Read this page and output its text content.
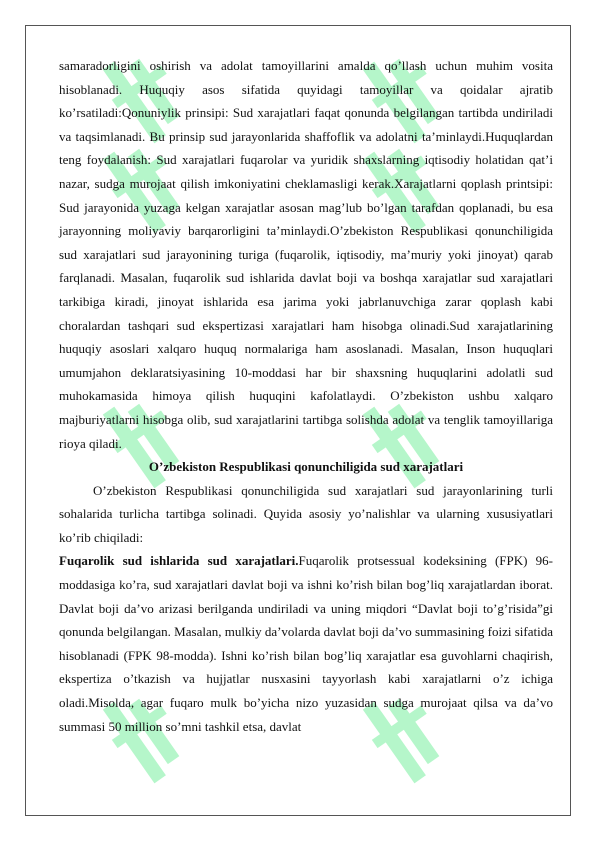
samaradorligini oshirish va adolat tamoyillarini amalda qo’llash uchun muhim vosita hisoblanadi. Huquqiy asos sifatida quyidagi tamoyillar va qoidalar ajratib ko’rsatiladi:Qonuniylik prinsipi: Sud xarajatlari faqat qonunda belgilangan tartibda undiriladi va taqsimlanadi. Bu prinsip sud jarayonlarida shaffoflik va adolatni ta’minlaydi.Huquqlardan teng foydalanish: Sud xarajatlari fuqarolar va yuridik shaxslarning iqtisodiy holatidan qat’i nazar, sudga murojaat qilish imkoniyatini cheklamasligi kerak.Xarajatlarni qoplash printsipi: Sud jarayonida yuzaga kelgan xarajatlar asosan mag’lub bo’lgan tarafdan qoplanadi, bu esa jarayonning moliyaviy barqarorligini ta’minlaydi.O’zbekiston Respublikasi qonunchiligida sud xarajatlari sud jarayonining turiga (fuqarolik, iqtisodiy, ma’muriy yoki jinoyat) qarab farqlanadi. Masalan, fuqarolik sud ishlarida davlat boji va boshqa xarajatlar sud xarajatlari tarkibiga kiradi, jinoyat ishlarida esa jarima yoki jabrlanuvchiga zarar qoplash kabi choralardan tashqari sud ekspertizasi xarajatlari ham hisobga olinadi.Sud xarajatlarining huquqiy asoslari xalqaro huquq normalariga ham asoslanadi. Masalan, Inson huquqlari umumjahon deklaratsiyasining 10-moddasi har bir shaxsning huquqlarini adolatli sud muhokamasida himoya qilish huquqini kafolatlaydi. O’zbekiston ushbu xalqaro majburiyatlarni hisobga olib, sud xarajatlarini tartibga solishda adolat va tenglik tamoyillariga rioya qiladi.

O’zbekiston Respublikasi qonunchiligida sud xarajatlari

O’zbekiston Respublikasi qonunchiligida sud xarajatlari sud jarayonlarining turli sohalarida turlicha tartibga solinadi. Quyida asosiy yo’nalishlar va ularning xususiyatlari ko’rib chiqiladi:

Fuqarolik sud ishlarida sud xarajatlari.Fuqarolik protsessual kodeksining (FPK) 96-moddasiga ko’ra, sud xarajatlari davlat boji va ishni ko’rish bilan bog’liq xarajatlardan iborat. Davlat boji da’vo arizasi berilganda undiriladi va uning miqdori “Davlat boji to’g’risida”gi qonunda belgilangan. Masalan, mulkiy da’volarda davlat boji da’vo summasining foizi sifatida hisoblanadi (FPK 98-modda). Ishni ko’rish bilan bog’liq xarajatlar esa guvohlarni chaqirish, ekspertiza o’tkazish va hujjatlar nusxasini tayyorlash kabi xarajatlarni o’z ichiga oladi.Misolda, agar fuqaro mulk bo’yicha nizo yuzasidan sudga murojaat qilsa va da’vo summasi 50 million so’mni tashkil etsa, davlat
